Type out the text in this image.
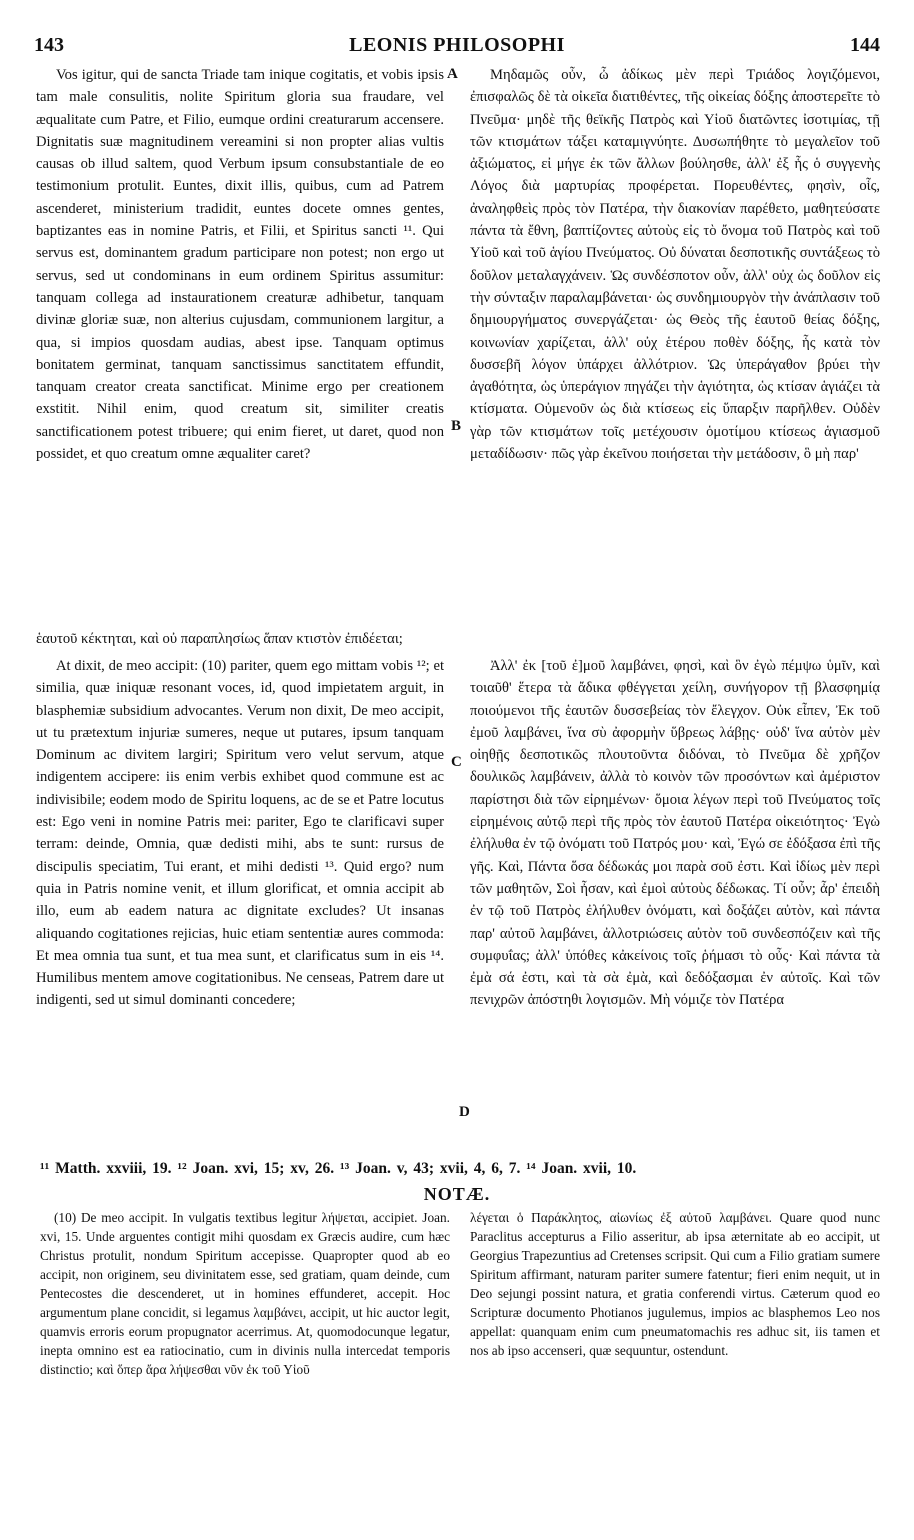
143	LEONIS PHILOSOPHI	144

Vos igitur, qui de sancta Triade tam inique cogitatis, et vobis ipsis tam male consulitis, nolite Spiritum gloria sua fraudare, vel æqualitate cum Patre, et Filio, eumque ordini creaturarum accensere. Dignitatis suæ magnitudinem vereamini si non propter alias vultis causas ob illud saltem, quod Verbum ipsum consubstantiale de eo testimonium protulit. Euntes, dixit illis, quibus, cum ad Patrem ascenderet, ministerium tradidit, euntes docete omnes gentes, baptizantes eas in nomine Patris, et Filii, et Spiritus sancti ¹¹. Qui servus est, dominantem gradum participare non potest; non ergo ut servus, sed ut condominans in eum ordinem Spiritus assumitur: tanquam collega ad instaurationem creaturæ adhibetur, tanquam divinæ gloriæ suæ, non alterius cujusdam, communionem largitur, a qua, si impios quosdam audias, abest ipse. Tanquam optimus bonitatem germinat, tanquam sanctissimus sanctitatem effundit, tanquam creator creata sanctificat. Minime ergo per creationem exstitit. Nihil enim, quod creatum sit, similiter creatis sanctificationem potest tribuere; qui enim fieret, ut daret, quod non possidet, et quo creatum omne æqualiter caret?

Μηδαμῶς οὖν, ὦ ἀδίκως μὲν περὶ Τριάδος λογιζόμενοι, ἐπισφαλῶς δὲ τὰ οἰκεῖα διατιθέντες, τῆς οἰκείας δόξης ἀποστερεῖτε τὸ Πνεῦμα· μηδὲ τῆς θεϊκῆς Πατρὸς καὶ Υἱοῦ διατῶντες ἰσοτιμίας, τῇ τῶν κτισμάτων τάξει καταμιγνύητε. Δυσωπήθητε τὸ μεγαλεῖον τοῦ ἀξιώματος, εἰ μήγε ἐκ τῶν ἄλλων βούλησθε, ἀλλ' ἐξ ἧς ὁ συγγενὴς Λόγος διὰ μαρτυρίας προφέρεται. Πορευθέντες, φησὶν, οἷς, ἀναληφθεὶς πρὸς τὸν Πατέρα, τὴν διακονίαν παρέθετο, μαθητεύσατε πάντα τὰ ἔθνη, βαπτίζοντες αὐτοὺς εἰς τὸ ὄνομα τοῦ Πατρὸς καὶ τοῦ Υἱοῦ καὶ τοῦ ἁγίου Πνεύματος. Οὐ δύναται δεσποτικῆς συντάξεως τὸ δοῦλον μεταλαγχάνειν. Ὡς συνδέσποτον οὖν, ἀλλ' οὐχ ὡς δοῦλον εἰς τὴν σύνταξιν παραλαμβάνεται· ὡς συνδημιουργὸν τὴν ἀνάπλασιν τοῦ δημιουργήματος συνεργάζεται· ὡς Θεὸς τῆς ἑαυτοῦ θείας δόξης, κοινωνίαν χαρίζεται, ἀλλ' οὐχ ἑτέρου ποθὲν δόξης, ἧς κατὰ τὸν δυσσεβῆ λόγον ὑπάρχει ἀλλότριον. Ὡς ὑπεράγαθον βρύει τὴν ἀγαθότητα, ὡς ὑπεράγιον πηγάζει τὴν ἁγιότητα, ὡς κτίσαν ἁγιάζει τὰ κτίσματα. Οὐμενοῦν ὡς διὰ κτίσεως εἰς ὕπαρξιν παρῆλθεν. Οὐδὲν γὰρ τῶν κτισμάτων τοῖς μετέχουσιν ὁμοτίμου κτίσεως ἁγιασμοῦ μεταδίδωσιν· πῶς γὰρ ἐκεῖνου ποιήσεται τὴν μετάδοσιν, ὃ μὴ παρ'

ἑαυτοῦ κέκτηται, καὶ οὐ παραπλησίως ἅπαν κτιστὸν ἐπιδέεται;

At dixit, de meo accipit: (10) pariter, quem ego mittam vobis ¹²; et similia, quæ iniquæ resonant voces, id, quod impietatem arguit, in blasphemiæ subsidium advocantes. Verum non dixit, De meo accipit, ut tu prætextum injuriæ sumeres, neque ut putares, ipsum tanquam Dominum ac divitem largiri; Spiritum vero velut servum, atque indigentem accipere: iis enim verbis exhibet quod commune est ac indivisibile; eodem modo de Spiritu loquens, ac de se et Patre locutus est: Ego veni in nomine Patris mei: pariter, Ego te clarificavi super terram: deinde, Omnia, quæ dedisti mihi, abs te sunt: rursus de discipulis speciatim, Tui erant, et mihi dedisti ¹³. Quid ergo? num quia in Patris nomine venit, et illum glorificat, et omnia accipit ab illo, eum ab eadem natura ac dignitate excludes? Ut insanas aliquando cogitationes rejicias, huic etiam sententiæ aures commoda: Et mea omnia tua sunt, et tua mea sunt, et clarificatus sum in eis ¹⁴. Humilibus mentem amove cogitationibus. Ne censeas, Patrem dare ut indigenti, sed ut simul dominanti concedere;

Ἀλλ' ἐκ [τοῦ ἐ]μοῦ λαμβάνει, φησὶ, καὶ ὃν ἐγὼ πέμψω ὑμῖν, καὶ τοιαῦθ' ἕτερα τὰ ἄδικα φθέγγεται χείλη, συνήγορον τῇ βλασφημίᾳ ποιούμενοι τῆς ἑαυτῶν δυσσεβείας τὸν ἔλεγχον. Οὐκ εἶπεν, Ἐκ τοῦ ἐμοῦ λαμβάνει, ἵνα σὺ ἀφορμὴν ὕβρεως λάβῃς· οὐδ' ἵνα αὐτὸν μὲν οἰηθῇς δεσποτικῶς πλουτοῦντα διδόναι, τὸ Πνεῦμα δὲ χρῆζον δουλικῶς λαμβάνειν, ἀλλὰ τὸ κοινὸν τῶν προσόντων καὶ ἀμέριστον παρίστησι διὰ τῶν εἰρημένων· ὅμοια λέγων περὶ τοῦ Πνεύματος τοῖς εἰρημένοις αὐτῷ περὶ τῆς πρὸς τὸν ἑαυτοῦ Πατέρα οἰκειότητος· Ἐγὼ ἐλήλυθα ἐν τῷ ὀνόματι τοῦ Πατρός μου· καὶ, Ἐγώ σε ἐδόξασα ἐπὶ τῆς γῆς. Καὶ, Πάντα ὅσα δέδωκάς μοι παρὰ σοῦ ἐστι. Καὶ ἰδίως μὲν περὶ τῶν μαθητῶν, Σοὶ ἦσαν, καὶ ἐμοὶ αὐτοὺς δέδωκας. Τί οὖν; ἆρ' ἐπειδὴ ἐν τῷ τοῦ Πατρὸς ἐλήλυθεν ὀνόματι, καὶ δοξάζει αὐτὸν, καὶ πάντα παρ' αὐτοῦ λαμβάνει, ἀλλοτριώσεις αὐτὸν τοῦ συνδεσπόζειν καὶ τῆς συμφυΐας; ἀλλ' ὑπόθες κἀκείνοις τοῖς ῥήμασι τὸ οὖς· Καὶ πάντα τὰ ἐμὰ σά ἐστι, καὶ τὰ σὰ ἐμὰ, καὶ δεδόξασμαι ἐν αὐτοῖς. Καὶ τῶν πενιχρῶν ἀπόστηθι λογισμῶν. Μὴ νόμιζε τὸν Πατέρα

A
B
C
D
¹¹ Matth. xxviii, 19. ¹² Joan. xvi, 15; xv, 26. ¹³ Joan. v, 43; xvii, 4, 6, 7. ¹⁴ Joan. xvii, 10.
NOTÆ.

(10) De meo accipit. In vulgatis textibus legitur λήψεται, accipiet. Joan. xvi, 15. Unde arguentes contigit mihi quosdam ex Græcis audire, cum hæc Christus protulit, nondum Spiritum accepisse. Quapropter quod ab eo accipit, non originem, seu divinitatem esse, sed gratiam, quam deinde, cum Pentecostes die descenderet, ut in homines effunderet, accepit. Hoc argumentum plane concidit, si legamus λαμβάνει, accipit, ut hic auctor legit, quamvis erroris eorum propugnator acerrimus. At, quomodocunque legatur, inepta omnino est ea ratiocinatio, cum in divinis nulla intercedat temporis distinctio; καὶ ὅπερ ἄρα λήψεσθαι νῦν ἐκ τοῦ Υἱοῦ

λέγεται ὁ Παράκλητος, αἰωνίως ἐξ αὐτοῦ λαμβάνει. Quare quod nunc Paraclitus accepturus a Filio asseritur, ab ipsa æternitate ab eo accipit, ut Georgius Trapezuntius ad Cretenses scripsit. Qui cum a Filio gratiam sumere Spiritum affirmant, naturam pariter sumere fatentur; fieri enim nequit, ut in Deo sejungi possint natura, et gratia conferendi virtus. Cæterum quod eo Scripturæ documento Photianos jugulemus, impios ac blasphemos Leo nos appellat: quanquam enim cum pneumatomachis res adhuc sit, iis tamen et nos ab ipso accenseri, quæ sequuntur, ostendunt.
